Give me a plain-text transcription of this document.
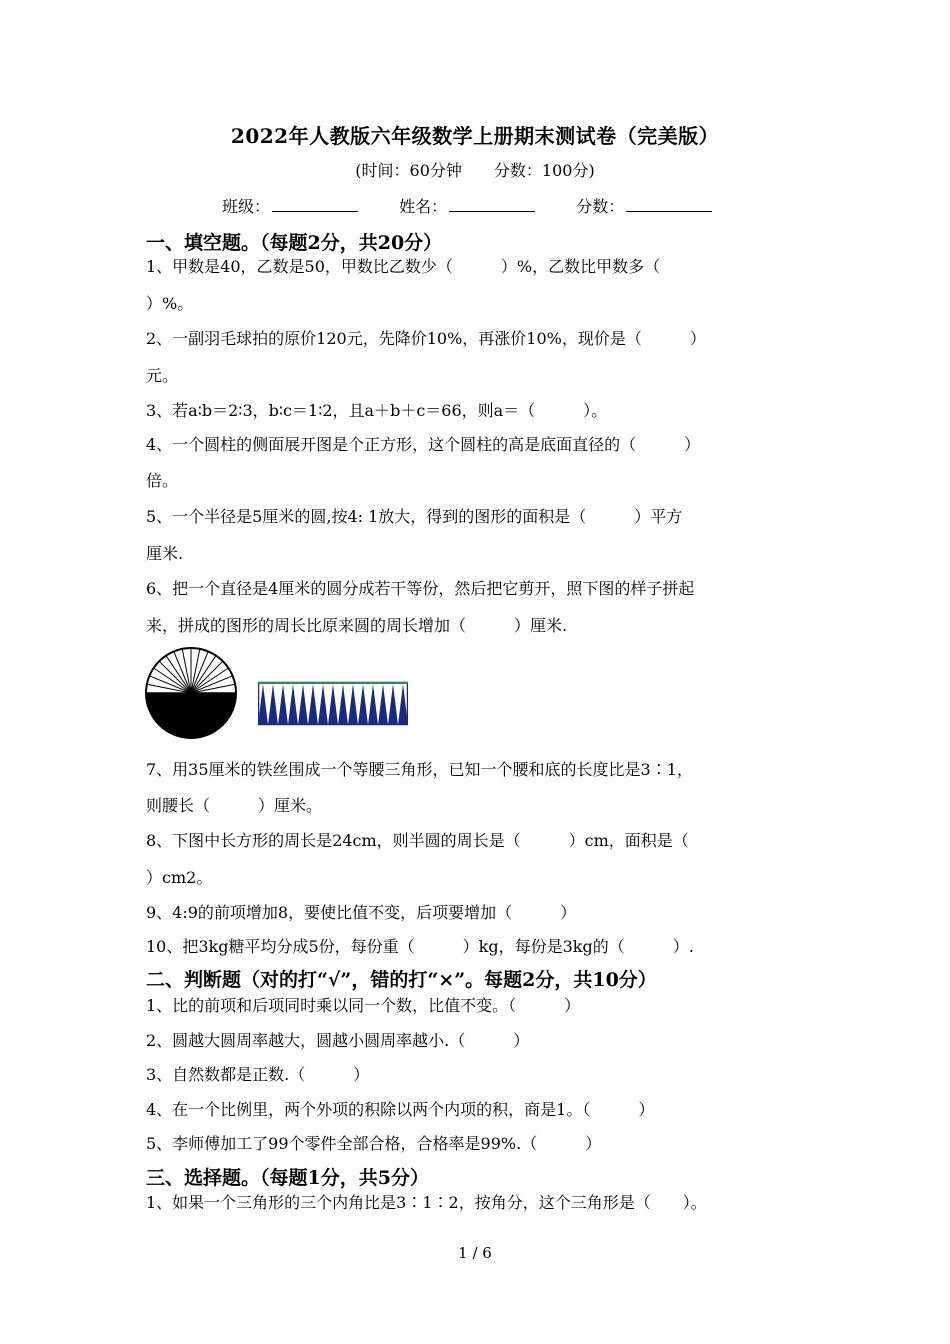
2022年人教版六年级数学上册期末测试卷（完美版）
(时间：60分钟　　分数：100分)
班级：	姓名：	分数：
一、填空题。（每题2分，共20分）
1、甲数是40，乙数是50，甲数比乙数少（　　　）%，乙数比甲数多（
）%。
2、一副羽毛球拍的原价120元，先降价10%，再涨价10%，现价是（　　　）
元。
3、若a∶b＝2∶3，b∶c＝1∶2，且a＋b＋c＝66，则a＝（　　　）。
4、一个圆柱的侧面展开图是个正方形，这个圆柱的高是底面直径的（　　　）
倍。
5、一个半径是5厘米的圆,按4: 1放大，得到的图形的面积是（　　　）平方
厘米.
6、把一个直径是4厘米的圆分成若干等份，然后把它剪开，照下图的样子拼起
来，拼成的图形的周长比原来圆的周长增加（　　　）厘米.
7、用35厘米的铁丝围成一个等腰三角形，已知一个腰和底的长度比是3∶1，
则腰长（　　　）厘米。
8、下图中长方形的周长是24cm，则半圆的周长是（　　　）cm，面积是（
）cm2。
9、4:9的前项增加8，要使比值不变，后项要增加（　　　）
10、把3kg糖平均分成5份，每份重（　　　）kg，每份是3kg的（　　　）.
二、判断题（对的打“√”，错的打“×”。每题2分，共10分）
1、比的前项和后项同时乘以同一个数，比值不变。（　　　）
2、圆越大圆周率越大，圆越小圆周率越小.（　　　）
3、自然数都是正数.（　　　）
4、在一个比例里，两个外项的积除以两个内项的积，商是1。（　　　）
5、李师傅加工了99个零件全部合格，合格率是99%.（　　　）
三、选择题。（每题1分，共5分）
1、如果一个三角形的三个内角比是3∶1∶2，按角分，这个三角形是（　　）。
1 / 6
